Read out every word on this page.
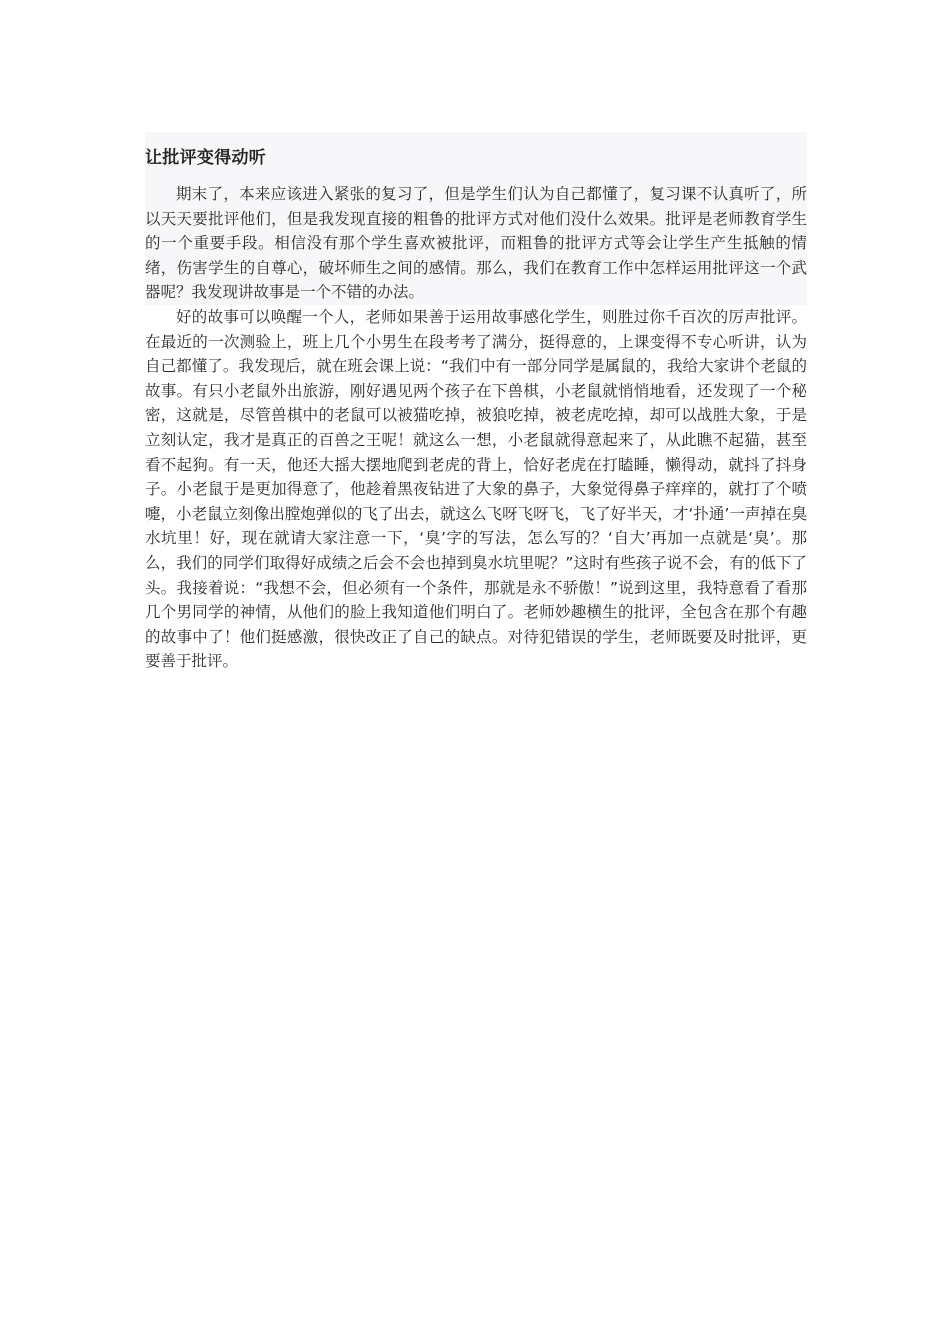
让批评变得动听

期末了，本来应该进入紧张的复习了，但是学生们认为自己都懂了，复习课不认真听了，所以天天要批评他们，但是我发现直接的粗鲁的批评方式对他们没什么效果。批评是老师教育学生的一个重要手段。相信没有那个学生喜欢被批评，而粗鲁的批评方式等会让学生产生抵触的情绪，伤害学生的自尊心，破坏师生之间的感情。那么，我们在教育工作中怎样运用批评这一个武器呢？我发现讲故事是一个不错的办法。

好的故事可以唤醒一个人，老师如果善于运用故事感化学生，则胜过你千百次的厉声批评。在最近的一次测验上，班上几个小男生在段考考了满分，挺得意的，上课变得不专心听讲，认为自己都懂了。我发现后，就在班会课上说：“我们中有一部分同学是属鼠的，我给大家讲个老鼠的故事。有只小老鼠外出旅游，刚好遇见两个孩子在下兽棋，小老鼠就悄悄地看，还发现了一个秘密，这就是，尽管兽棋中的老鼠可以被猫吃掉，被狼吃掉，被老虎吃掉，却可以战胜大象，于是立刻认定，我才是真正的百兽之王呢！就这么一想，小老鼠就得意起来了，从此瞧不起猫，甚至看不起狗。有一天，他还大摇大摆地爬到老虎的背上，恰好老虎在打瞌睡，懒得动，就抖了抖身子。小老鼠于是更加得意了，他趁着黑夜钻进了大象的鼻子，大象觉得鼻子痒痒的，就打了个喷嚏，小老鼠立刻像出膛炮弹似的飞了出去，就这么飞呀飞呀飞，飞了好半天，才‘扑通’一声掉在臭水坑里！好，现在就请大家注意一下，‘臭’字的写法，怎么写的？‘自大’再加一点就是‘臭’。那么，我们的同学们取得好成绩之后会不会也掉到臭水坑里呢？”这时有些孩子说不会，有的低下了头。我接着说：“我想不会，但必须有一个条件，那就是永不骄傲！”说到这里，我特意看了看那几个男同学的神情，从他们的脸上我知道他们明白了。老师妙趣横生的批评，全包含在那个有趣的故事中了！他们挺感激，很快改正了自己的缺点。对待犯错误的学生，老师既要及时批评，更要善于批评。
